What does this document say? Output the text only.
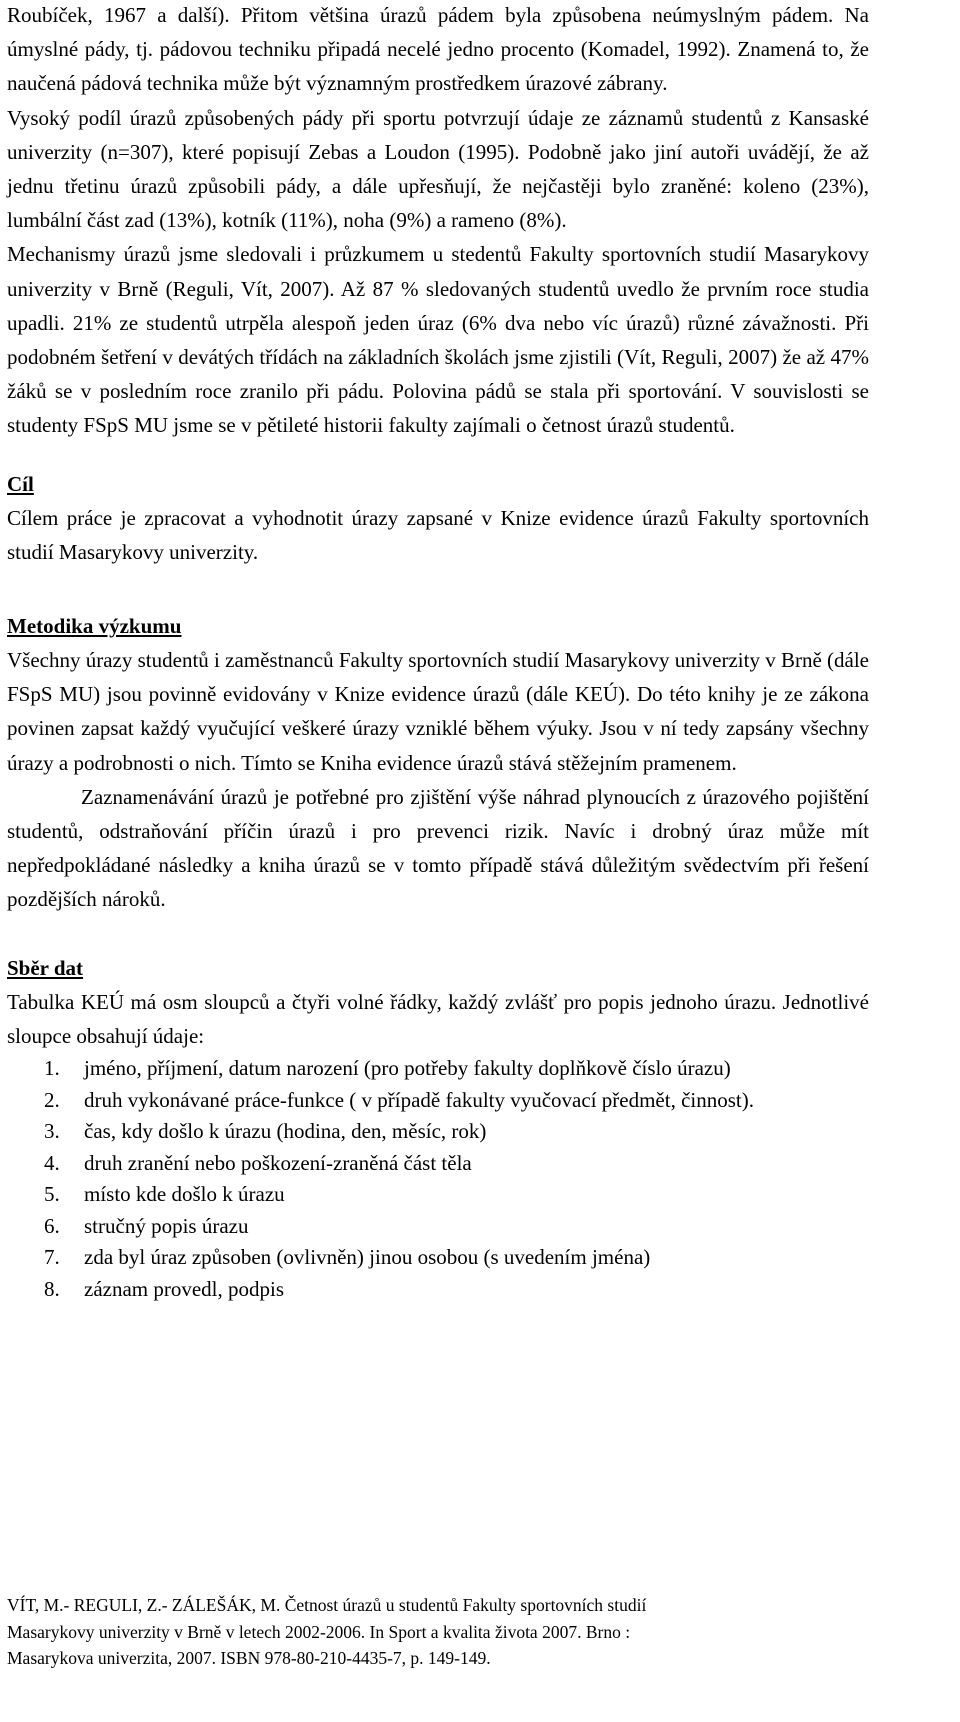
Roubíček, 1967 a další). Přitom většina úrazů pádem byla způsobena neúmyslným pádem. Na úmyslné pády, tj. pádovou techniku připadá necelé jedno procento (Komadel, 1992). Znamená to, že naučená pádová technika může být významným prostředkem úrazové zábrany.

Vysoký podíl úrazů způsobených pády při sportu potvrzují údaje ze záznamů studentů z Kansaské univerzity (n=307), které popisují Zebas a Loudon (1995). Podobně jako jiní autoři uvádějí, že až jednu třetinu úrazů způsobili pády, a dále upřesňují, že nejčastěji bylo zraněné: koleno (23%), lumbální část zad (13%), kotník (11%), noha (9%) a rameno (8%).

Mechanismy úrazů jsme sledovali i průzkumem u stedentů Fakulty sportovních studií Masarykovy univerzity v Brně (Reguli, Vít, 2007). Až 87 % sledovaných studentů uvedlo že prvním roce studia upadli. 21% ze studentů utrpěla alespoň jeden úraz (6% dva nebo víc úrazů) různé závažnosti. Při podobném šetření v devátých třídách na základních školách jsme zjistili (Vít, Reguli, 2007) že až 47% žáků se v posledním roce zranilo při pádu. Polovina pádů se stala při sportování. V souvislosti se studenty FSpS MU jsme se v pětileté historii fakulty zajímali o četnost úrazů studentů.

Cíl

Cílem práce je zpracovat a vyhodnotit úrazy zapsané v Knize evidence úrazů Fakulty sportovních studií Masarykovy univerzity.

Metodika výzkumu

Všechny úrazy studentů i zaměstnanců Fakulty sportovních studií Masarykovy univerzity v Brně (dále FSpS MU) jsou povinně evidovány v Knize evidence úrazů (dále KEÚ). Do této knihy je ze zákona povinen zapsat každý vyučující veškeré úrazy vzniklé během výuky. Jsou v ní tedy zapsány všechny úrazy a podrobnosti o nich. Tímto se Kniha evidence úrazů stává stěžejním pramenem.

Zaznamenávání úrazů je potřebné pro zjištění výše náhrad plynoucích z úrazového pojištění studentů, odstraňování příčin úrazů i pro prevenci rizik. Navíc i drobný úraz může mít nepředpokládané následky a kniha úrazů se v tomto případě stává důležitým svědectvím při řešení pozdějších nároků.

Sběr dat

Tabulka KEÚ má osm sloupců a čtyři volné řádky, každý zvlášť pro popis jednoho úrazu. Jednotlivé sloupce obsahují údaje:

1. jméno, příjmení, datum narození (pro potřeby fakulty doplňkově číslo úrazu)
2. druh vykonávané práce-funkce ( v případě fakulty vyučovací předmět, činnost).
3. čas, kdy došlo k úrazu (hodina, den, měsíc, rok)
4. druh zranění nebo poškození-zraněná část těla
5. místo kde došlo k úrazu
6. stručný popis úrazu
7. zda byl úraz způsoben (ovlivněn) jinou osobou (s uvedením jména)
8. záznam provedl, podpis

VÍT, M.- REGULI, Z.- ZÁLEŠÁK, M. Četnost úrazů u studentů Fakulty sportovních studií

Masarykovy univerzity v Brně v letech 2002-2006. In Sport a kvalita života 2007. Brno :

Masarykova univerzita, 2007. ISBN 978-80-210-4435-7, p. 149-149.
